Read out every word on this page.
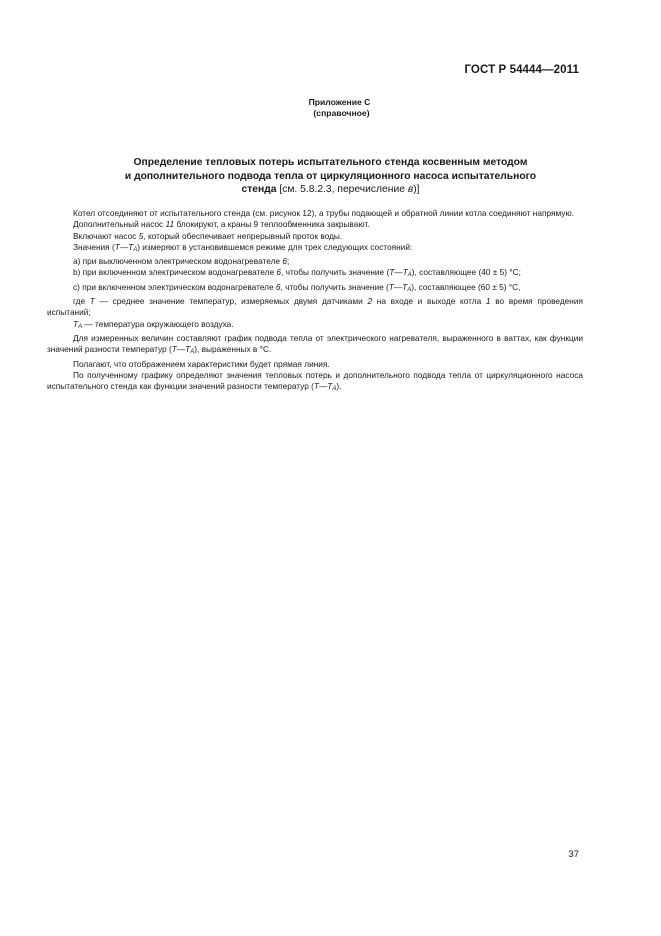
ГОСТ Р 54444—2011
Приложение С
(справочное)
Определение тепловых потерь испытательного стенда косвенным методом
и дополнительного подвода тепла от циркуляционного насоса испытательного
стенда [см. 5.8.2.3, перечисление в)]

Котел отсоединяют от испытательного стенда (см. рисунок 12), а трубы подающей и обратной линии котла соединяют напрямую.

Дополнительный насос 11 блокируют, а краны 9 теплообменника закрывают.

Включают насос 5, который обеспечивает непрерывный проток воды.

Значения $(T—T_A)$ измеряют в установившемся режиме для трех следующих состояний:

a) при выключенном электрическом водонагревателе 6;

b) при включенном электрическом водонагревателе 6, чтобы получить значение $(T—T_A)$, составляющее (40 ± 5) °С;

c) при включенном электрическом водонагревателе 6, чтобы получить значение $(T—T_A)$, составляющее (60 ± 5) °С,

где T — среднее значение температур, измеряемых двумя датчиками 2 на входе и выходе котла 1 во время проведения испытаний;

$T_A$ — температура окружающего воздуха.

Для измеренных величин составляют график подвода тепла от электрического нагревателя, выраженного в ваттах, как функции значений разности температур $(T—T_A)$, выраженных в °С.

Полагают, что отображением характеристики будет прямая линия.

По полученному графику определяют значения тепловых потерь и дополнительного подвода тепла от циркуляционного насоса испытательного стенда как функции значений разности температур $(T—T_A)$.

37
